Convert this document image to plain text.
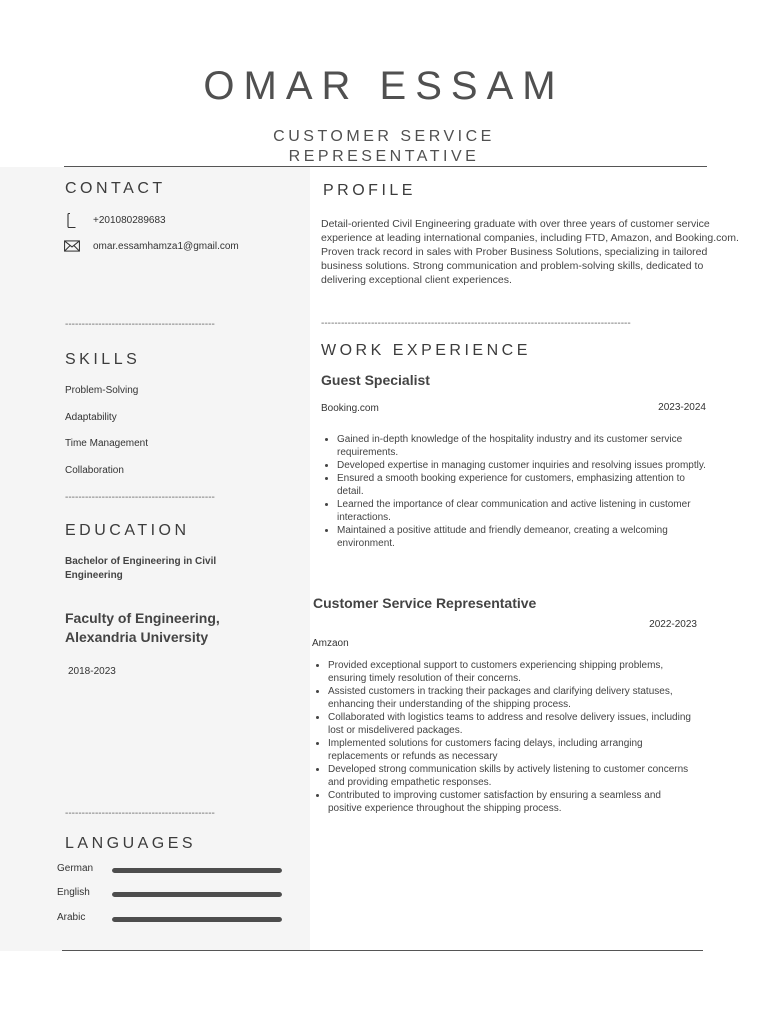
OMAR ESSAM
CUSTOMER SERVICE
REPRESENTATIVE
CONTACT
+201080289683
omar.essamhamza1@gmail.com
---------------------------------------------
SKILLS
Problem-Solving
Adaptability
Time Management
Collaboration
---------------------------------------------
EDUCATION
Bachelor of Engineering in Civil Engineering
Faculty of Engineering, Alexandria University
2018-2023
---------------------------------------------
LANGUAGES
German
English
Arabic
PROFILE
Detail-oriented Civil Engineering graduate with over three years of customer service experience at leading international companies, including FTD, Amazon, and Booking.com. Proven track record in sales with Prober Business Solutions, specializing in tailored business solutions. Strong communication and problem-solving skills, dedicated to delivering exceptional client experiences.
---------------------------------------------------------------------------------------------
WORK EXPERIENCE
Guest Specialist
Booking.com	2023-2024
• Gained in-depth knowledge of the hospitality industry and its customer service requirements.
• Developed expertise in managing customer inquiries and resolving issues promptly.
• Ensured a smooth booking experience for customers, emphasizing attention to detail.
• Learned the importance of clear communication and active listening in customer interactions.
• Maintained a positive attitude and friendly demeanor, creating a welcoming environment.
Customer Service Representative
2022-2023
Amzaon
• Provided exceptional support to customers experiencing shipping problems, ensuring timely resolution of their concerns.
• Assisted customers in tracking their packages and clarifying delivery statuses, enhancing their understanding of the shipping process.
• Collaborated with logistics teams to address and resolve delivery issues, including lost or misdelivered packages.
• Implemented solutions for customers facing delays, including arranging replacements or refunds as necessary
• Developed strong communication skills by actively listening to customer concerns and providing empathetic responses.
• Contributed to improving customer satisfaction by ensuring a seamless and positive experience throughout the shipping process.
